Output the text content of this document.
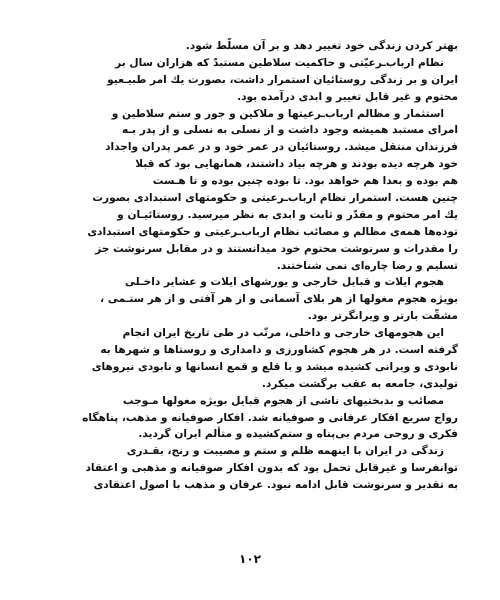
بهتر کردن زندگی خود تغییر دهد و بر آن مسلّط شود.
نظام ارباب‌ـرعیّتی و حاکمیت سلاطین مستبدّ که هزاران سال بر
ایران و بر زندگی روستائیان استمرار داشت، بصورت یك امر طبیـعیو
محتوم و غیر قابل تغییر و ابدی درآمده بود.
استثمار و مظالم ارباب‌ـرعیتها و ملاکین و جور و ستم سلاطین و
امرای مستبد همیشه وجود داشت و از نسلی به نسلی و از پدر بـه
فرزندان منتقل میشد. روستائیان در عمر خود و در عمر پدران واجداد
خود هرچه دیده بودند و هرچه بیاد داشتند، همانهایی بود که قبلا
هم بوده و بعدا هم خواهد بود. تا بوده چنین بوده و تا هـست
چنین هست. استمرار نظام ارباب‌ـرعیتی و حکومتهای استبدادی بصورت
یك امر محتوم و مقدّر و ثابت و ابدی به نظر میرسید. روستائیـان و
توده‌ها همه‌ی مظالم و مصائب نظام ارباب‌ـرعیتی و حکومتهای استبدادی
را مقدرات و سرنوشت محتوم خود میدانستند و در مقابل سرنوشت جز
تسلیم و رضا چاره‌ای نمی شناختند.
هجوم ایلات و قبایل خارجی و یورشهای ایلات و عشایر داخـلی
بویژه هجوم مغولها از هر بلای آسمانی و از هر آفتی و از هر ستـمی ،
مشقّت بارتر و ویرانگرتر بود.
این هجومهای خارجی و داخلی، مرتّب در طی تاریخ ایران انجام
گرفته است. در هر هجوم کشاورزی و دامداری و روستاها و شهرها به
نابودی و ویرانی کشیده میشد و با قلع و قمع انسانها و نابودی نیروهای
تولیدی، جامعه به عقب برگشت میکرد.
مصائب و بدبختیهای ناشی از هجوم قبایل بویژه مغولها مـوجب
رواج سریع افکار عرفانی و صوفیانه شد. افکار صوفیانه و مذهب، پناهگاه
فکری و روحی مردم بی‌پناه و ستم‌کشیده و متألم ایران گردید.
زندگی در ایران با اینهمه ظلم و ستم و مصیبت و رنج، بقـدری
توانفرسا و غیرقابل تحمل بود که بدون افکار صوفیانه و مذهبی و اعتقاد
به تقدیر و سرنوشت قابل ادامه نبود. عرفان و مذهب با اصول اعتقادی
۱۰۲
